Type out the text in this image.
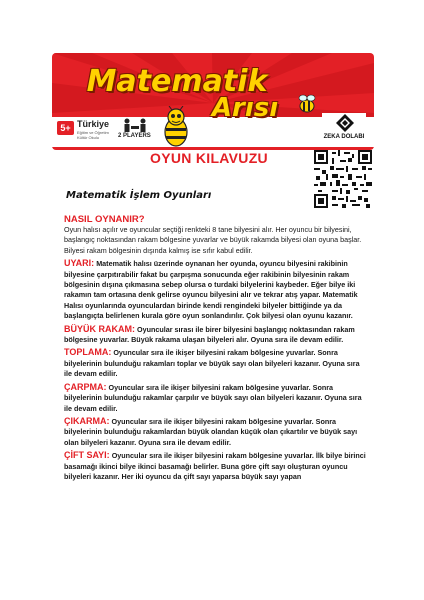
Matematik
Arısı
5+ Türkiye
Eğitim ve Öğretim Kültür Okulu	2 PLAYERS	ZEKA DOLABI
OYUN KILAVUZU
Matematik İşlem Oyunları
NASIL OYNANIR?
Oyun halısı açılır ve oyuncular seçtiği renkteki 8 tane bilyesini alır. Her oyuncu bir bilyesini, başlangıç noktasından rakam bölgesine yuvarlar ve büyük rakamda bilyesi olan oyuna başlar. Bilyesi rakam bölgesinin dışında kalmış ise sıfır kabul edilir.
UYARI: Matematik halısı üzerinde oynanan her oyunda, oyuncu bilyesini rakibinin bilyesine çarpıtırabilir fakat bu çarpışma sonucunda eğer rakibinin bilyesinin rakam bölgesinin dışına çıkmasına sebep olursa o turdaki bilyelerini kaybeder. Eğer bilye iki rakamın tam ortasına denk gelirse oyuncu bilyesini alır ve tekrar atış yapar. Matematik Halısı oyunlarında oyunculardan birinde kendi rengindeki bilyeler bittiğinde ya da başlangıçta belirlenen kurala göre oyun sonlandırılır. Çok bilyesi olan oyunu kazanır.
BÜYÜK RAKAM: Oyuncular sırası ile birer bilyesini başlangıç noktasından rakam bölgesine yuvarlar. Büyük rakama ulaşan bilyeleri alır. Oyuna sıra ile devam edilir.
TOPLAMA: Oyuncular sıra ile ikişer bilyesini rakam bölgesine yuvarlar. Sonra bilyelerinin bulunduğu rakamları toplar ve büyük sayı olan bilyeleri kazanır. Oyuna sıra ile devam edilir.
ÇARPMA: Oyuncular sıra ile ikişer bilyesini rakam bölgesine yuvarlar. Sonra bilyelerinin bulunduğu rakamlar çarpılır ve büyük sayı olan bilyeleri kazanır. Oyuna sıra ile devam edilir.
ÇIKARMA: Oyuncular sıra ile ikişer bilyesini rakam bölgesine yuvarlar. Sonra bilyelerinin bulunduğu rakamlardan büyük olandan küçük olan çıkartılır ve büyük sayı olan bilyeleri kazanır. Oyuna sıra ile devam edilir.
ÇİFT SAYI: Oyuncular sıra ile ikişer bilyesini rakam bölgesine yuvarlar. İlk bilye birinci basamağı ikinci bilye ikinci basamağı belirler. Buna göre çift sayı oluşturan oyuncu bilyeleri kazanır. Her iki oyuncu da çift sayı yaparsa büyük sayı yapan
